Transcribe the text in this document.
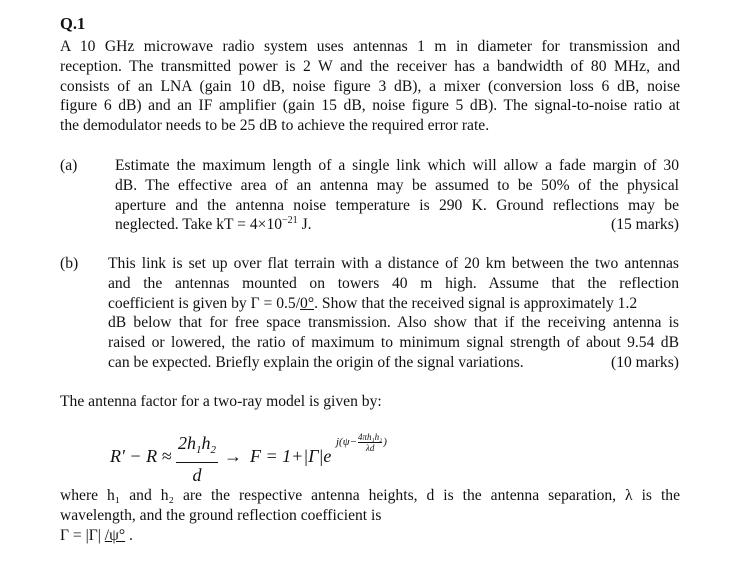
Q.1
A 10 GHz microwave radio system uses antennas 1 m in diameter for transmission and
reception. The transmitted power is 2 W and the receiver has a bandwidth of 80 MHz, and
consists of an LNA (gain 10 dB, noise figure 3 dB), a mixer (conversion loss 6 dB, noise
figure 6 dB) and an IF amplifier (gain 15 dB, noise figure 5 dB). The signal-to-noise ratio at
the demodulator needs to be 25 dB to achieve the required error rate.
(a) Estimate the maximum length of a single link which will allow a fade margin of 30
dB. The effective area of an antenna may be assumed to be 50% of the physical
aperture and the antenna noise temperature is 290 K. Ground reflections may be
neglected. Take kT = $4\times 10^{-21}$ J.	(15 marks)
(b) This link is set up over flat terrain with a distance of 20 km between the two antennas
and the antennas mounted on towers 40 m high. Assume that the reflection
coefficient is given by Γ = 0.5/0°. Show that the received signal is approximately 1.2
dB below that for free space transmission. Also show that if the receiving antenna is
raised or lowered, the ratio of maximum to minimum signal strength of about 9.54 dB
can be expected. Briefly explain the origin of the signal variations.	(10 marks)
The antenna factor for a two-ray model is given by:
R′ − R ≈
$2h_1h_2$
d
→ F = 1+|Γ|e
$j(\psi-\frac{\text{4πh₁h₂}}{\lambda d}$ )
where h₁ and h₂ are the respective antenna heights, d is the antenna separation, λ is the
wavelength, and the ground reflection coefficient is
Γ = |Γ| /ψ° .
